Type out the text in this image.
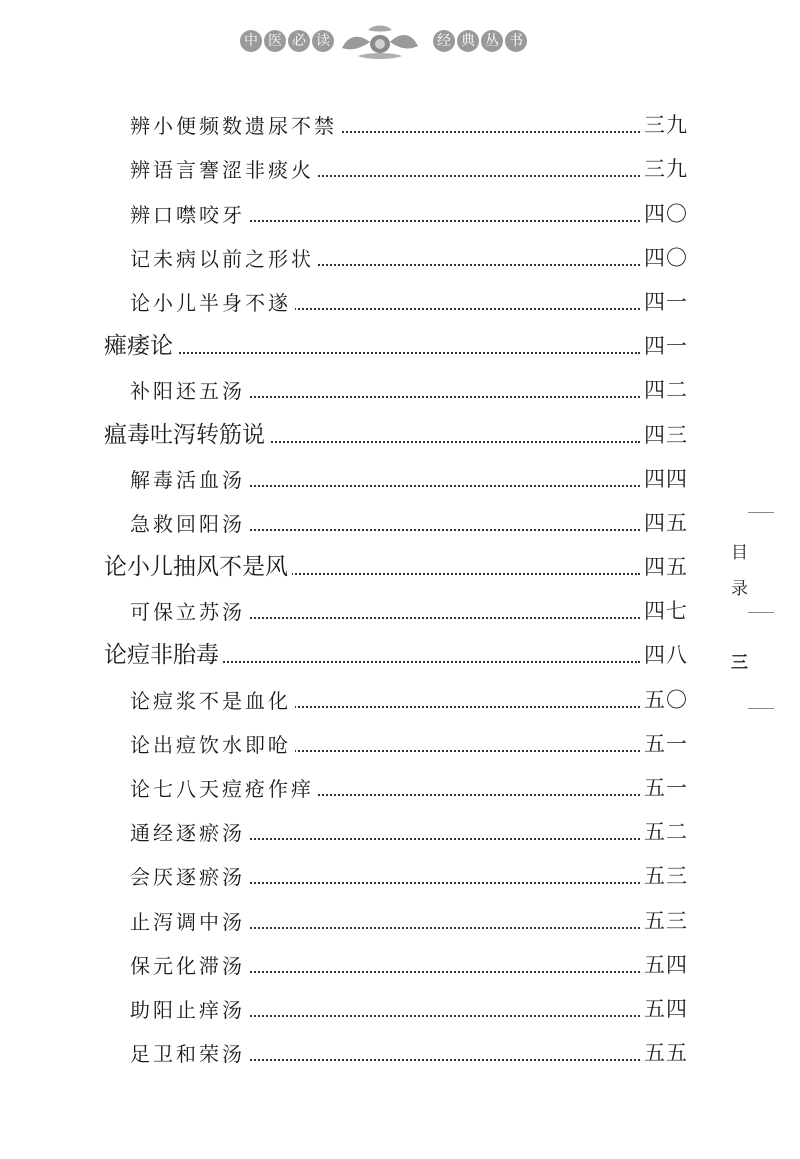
中 医 必 读	经 典 丛 书
辨小便频数遗尿不禁	三九
辨语言謇涩非痰火	三九
辨口噤咬牙	四〇
记未病以前之形状	四〇
论小儿半身不遂	四一
瘫痿论	四一
补阳还五汤	四二
瘟毒吐泻转筋说	四三
解毒活血汤	四四
急救回阳汤	四五
论小儿抽风不是风	四五
可保立苏汤	四七
论痘非胎毒	四八
论痘浆不是血化	五〇
论出痘饮水即呛	五一
论七八天痘疮作痒	五一
通经逐瘀汤	五二
会厌逐瘀汤	五三
止泻调中汤	五三
保元化滞汤	五四
助阳止痒汤	五四
足卫和荣汤	五五
目
录
三
